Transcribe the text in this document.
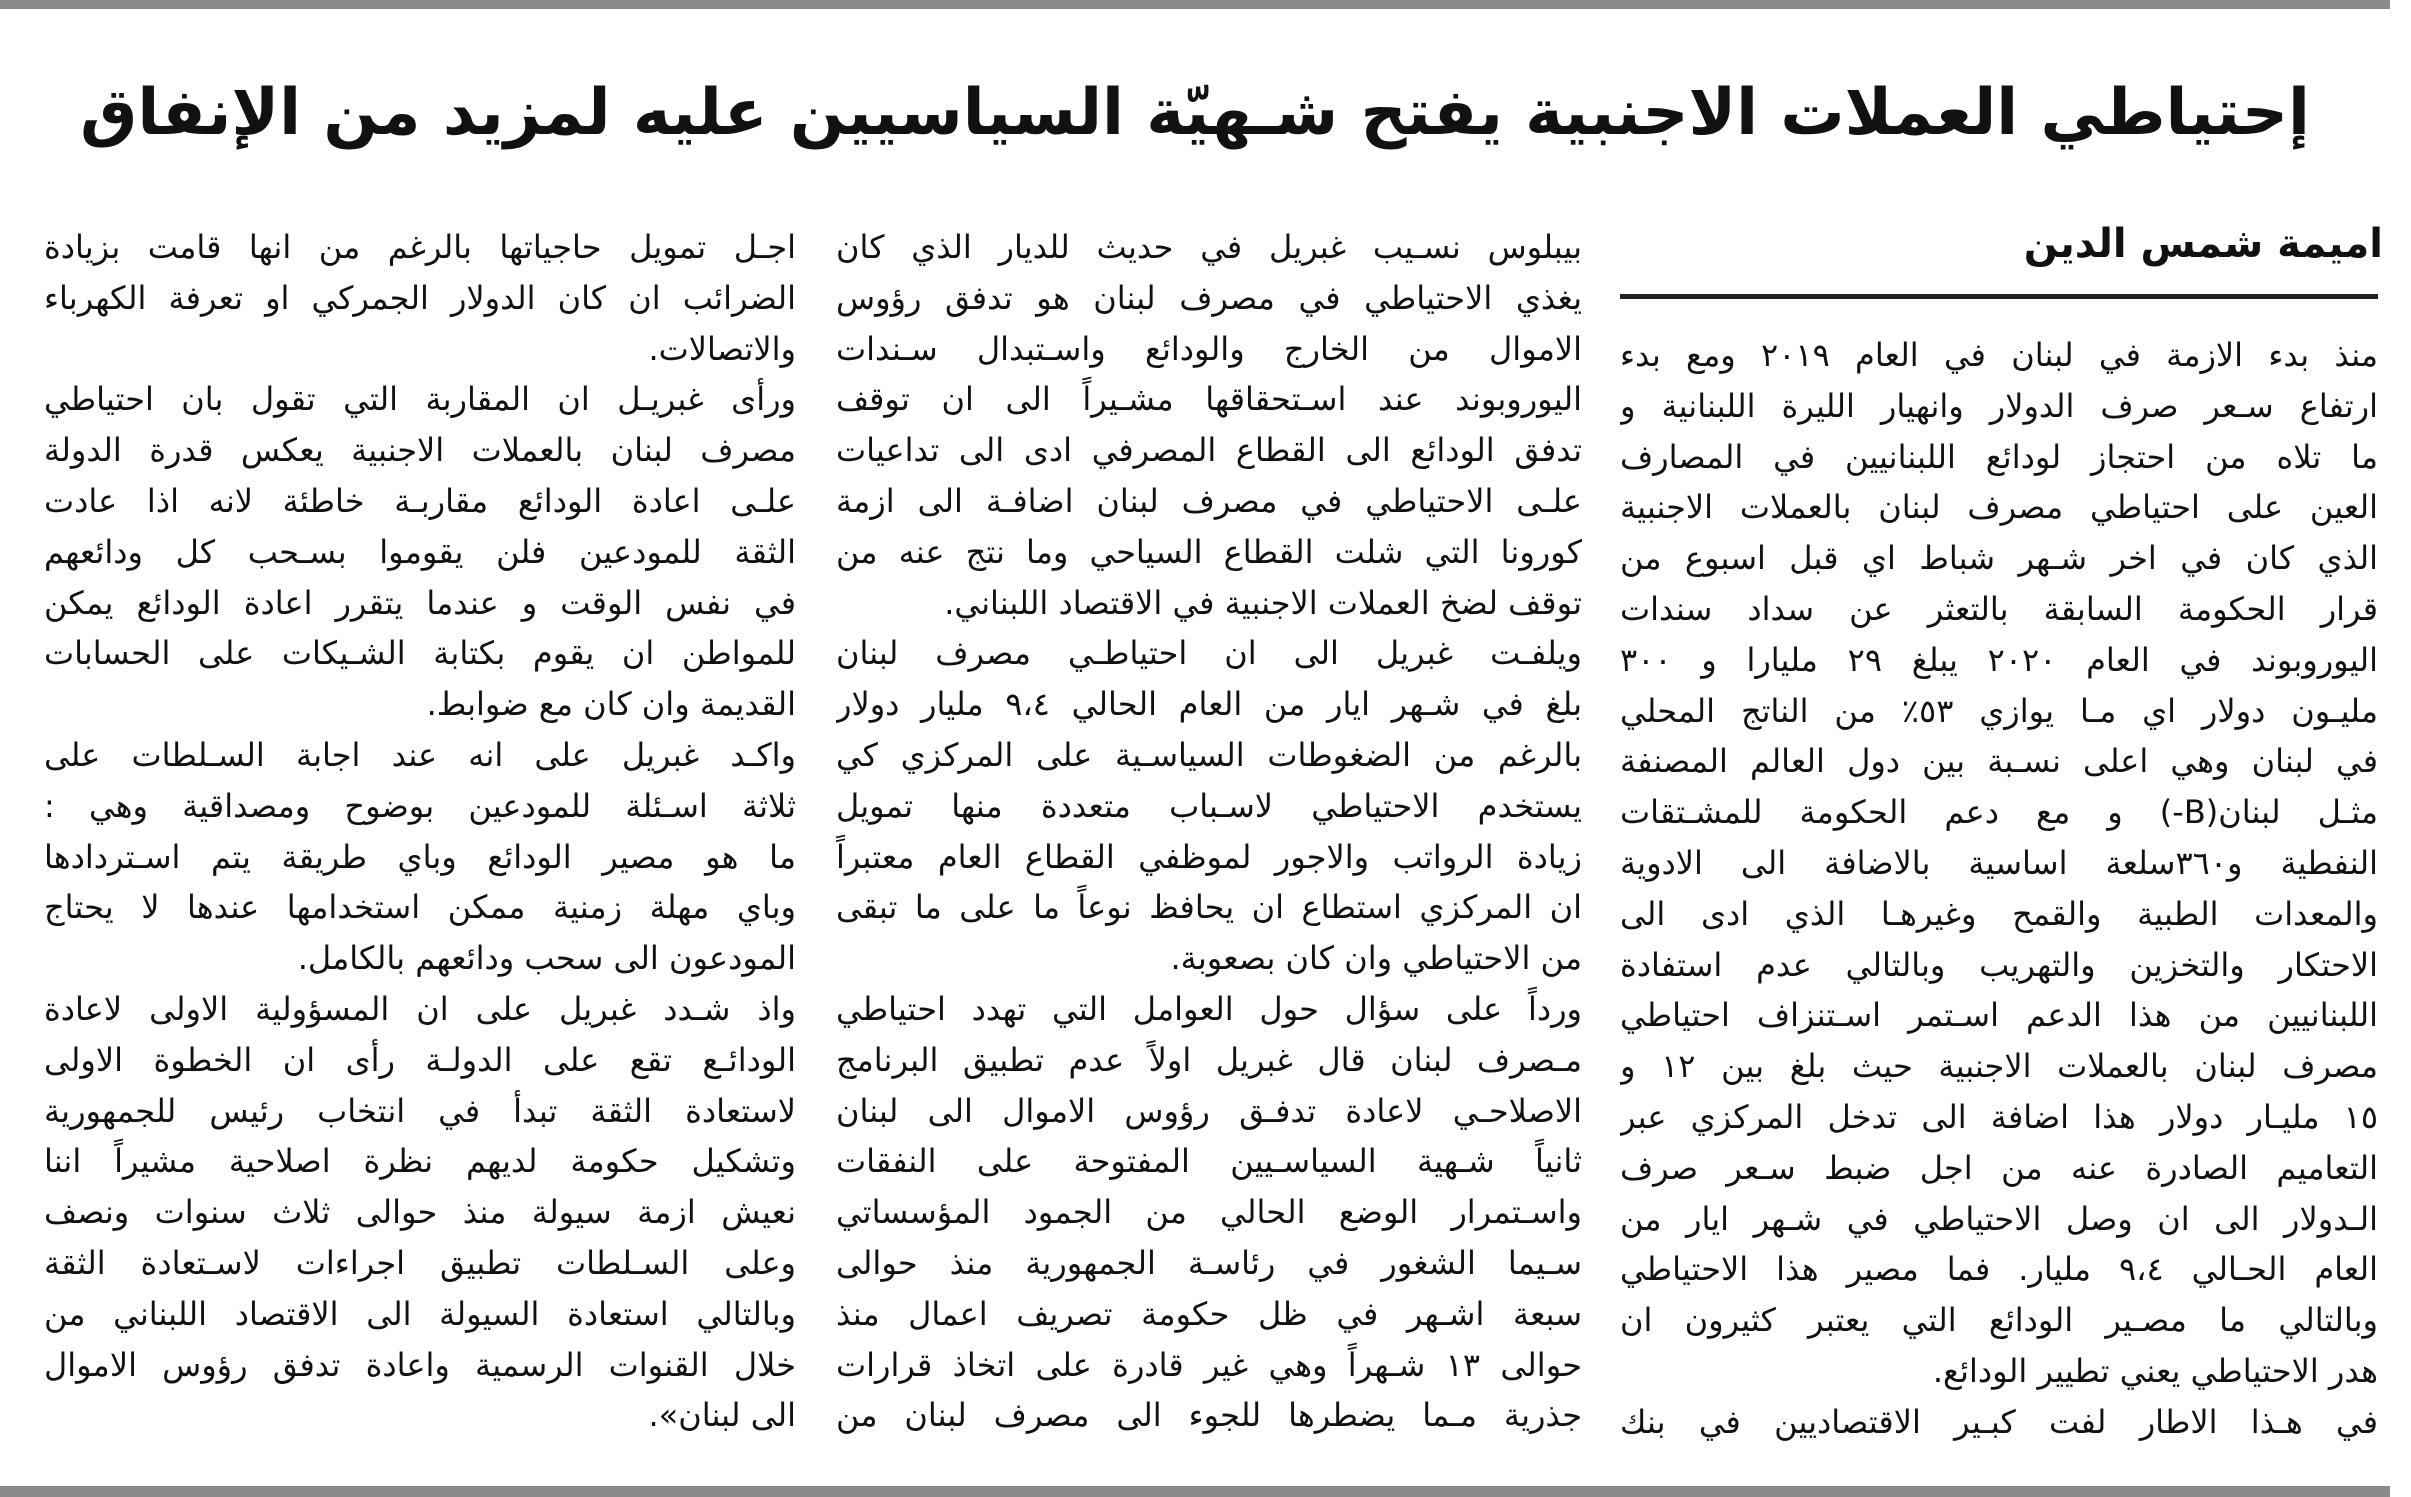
إحتياطي العملات الاجنبية يفتح شـهيّة السياسيين عليه لمزيد من الإنفاق
اميمة شمس الدين
منذ بدء الازمة في لبنان في العام ٢٠١٩ ومع بدء
ارتفاع سـعر صرف الدولار وانهيار الليرة اللبنانية و
ما تلاه من احتجاز لودائع اللبنانيين في المصارف
العين على احتياطي مصرف لبنان بالعملات الاجنبية
الذي كان في اخر شـهر شباط اي قبل اسبوع من
قرار الحكومة السابقة بالتعثر عن سداد سندات
اليوروبوند في العام ٢٠٢٠ يبلغ ٢٩ مليارا و ٣٠٠
مليـون دولار اي مـا يوازي ٥٣٪ من الناتج المحلي
في لبنان وهي اعلى نسـبة بين دول العالم المصنفة
مثـل لبنان(B-) و مع دعم الحكومة للمشـتقات
النفطية و٣٦٠سلعة اساسية بالاضافة الى الادوية
والمعدات الطبية والقمح وغيرهـا الذي ادى الى
الاحتكار والتخزين والتهريب وبالتالي عدم استفادة
اللبنانيين من هذا الدعم اسـتمر اسـتنزاف احتياطي
مصرف لبنان بالعملات الاجنبية حيث بلغ بين ١٢ و
١٥ مليـار دولار هذا اضافة الى تدخل المركزي عبر
التعاميم الصادرة عنه من اجل ضبط سـعر صرف
الـدولار الى ان وصل الاحتياطي في شـهر ايار من
العام الحـالي ٩،٤ مليار. فما مصير هذا الاحتياطي
وبالتالي ما مصـير الودائع التي يعتبر كثيرون ان
هدر الاحتياطي يعني تطيير الودائع.
في هـذا الاطار لفت كبـير الاقتصاديين في بنك
بيبلوس نسـيب غبريل في حديث للديار الذي كان
يغذي الاحتياطي في مصرف لبنان هو تدفق رؤوس
الاموال من الخارج والودائع واسـتبدال سـندات
اليوروبوند عند اسـتحقاقها مشـيراً الى ان توقف
تدفق الودائع الى القطاع المصرفي ادى الى تداعيات
علـى الاحتياطي في مصرف لبنان اضافـة الى ازمة
كورونا التي شلت القطاع السياحي وما نتج عنه من
توقف لضخ العملات الاجنبية في الاقتصاد اللبناني.
ويلفـت غبريل الى ان احتياطـي مصرف لبنان
بلغ في شـهر ايار من العام الحالي ٩،٤ مليار دولار
بالرغم من الضغوطات السياسـية على المركزي كي
يستخدم الاحتياطي لاسـباب متعددة منها تمويل
زيادة الرواتب والاجور لموظفي القطاع العام معتبراً
ان المركزي استطاع ان يحافظ نوعاً ما على ما تبقى
من الاحتياطي وان كان بصعوبة.
ورداً على سؤال حول العوامل التي تهدد احتياطي
مـصرف لبنان قال غبريل اولاً عدم تطبيق البرنامج
الاصلاحـي لاعادة تدفـق رؤوس الاموال الى لبنان
ثانياً شـهية السياسـيين المفتوحة على النفقات
واسـتمرار الوضع الحالي من الجمود المؤسساتي
سـيما الشغور في رئاسـة الجمهورية منذ حوالى
سبعة اشـهر في ظل حكومة تصريف اعمال منذ
حوالى ١٣ شـهراً وهي غير قادرة على اتخاذ قرارات
جذرية مـما يضطرها للجوء الى مصرف لبنان من
اجـل تمويل حاجياتها بالرغم من انها قامت بزيادة
الضرائب ان كان الدولار الجمركي او تعرفة الكهرباء
والاتصالات.
ورأى غبريـل ان المقاربة التي تقول بان احتياطي
مصرف لبنان بالعملات الاجنبية يعكس قدرة الدولة
علـى اعادة الودائع مقاربـة خاطئة لانه اذا عادت
الثقة للمودعين فلن يقوموا بسـحب كل ودائعهم
في نفس الوقت و عندما يتقرر اعادة الودائع يمكن
للمواطن ان يقوم بكتابة الشـيكات على الحسابات
القديمة وان كان مع ضوابط.
واكـد غبريل على انه عند اجابة السـلطات على
ثلاثة اسـئلة للمودعين بوضوح ومصداقية وهي :
ما هو مصير الودائع وباي طريقة يتم اسـتردادها
وباي مهلة زمنية ممكن استخدامها عندها لا يحتاج
المودعون الى سحب ودائعهم بالكامل.
واذ شـدد غبريل على ان المسؤولية الاولى لاعادة
الودائـع تقع على الدولـة رأى ان الخطوة الاولى
لاستعادة الثقة تبدأ في انتخاب رئيس للجمهورية
وتشكيل حكومة لديهم نظرة اصلاحية مشيراً اننا
نعيش ازمة سيولة منذ حوالى ثلاث سنوات ونصف
وعلى السـلطات تطبيق اجراءات لاسـتعادة الثقة
وبالتالي استعادة السيولة الى الاقتصاد اللبناني من
خلال القنوات الرسمية واعادة تدفق رؤوس الاموال
الى لبنان».
